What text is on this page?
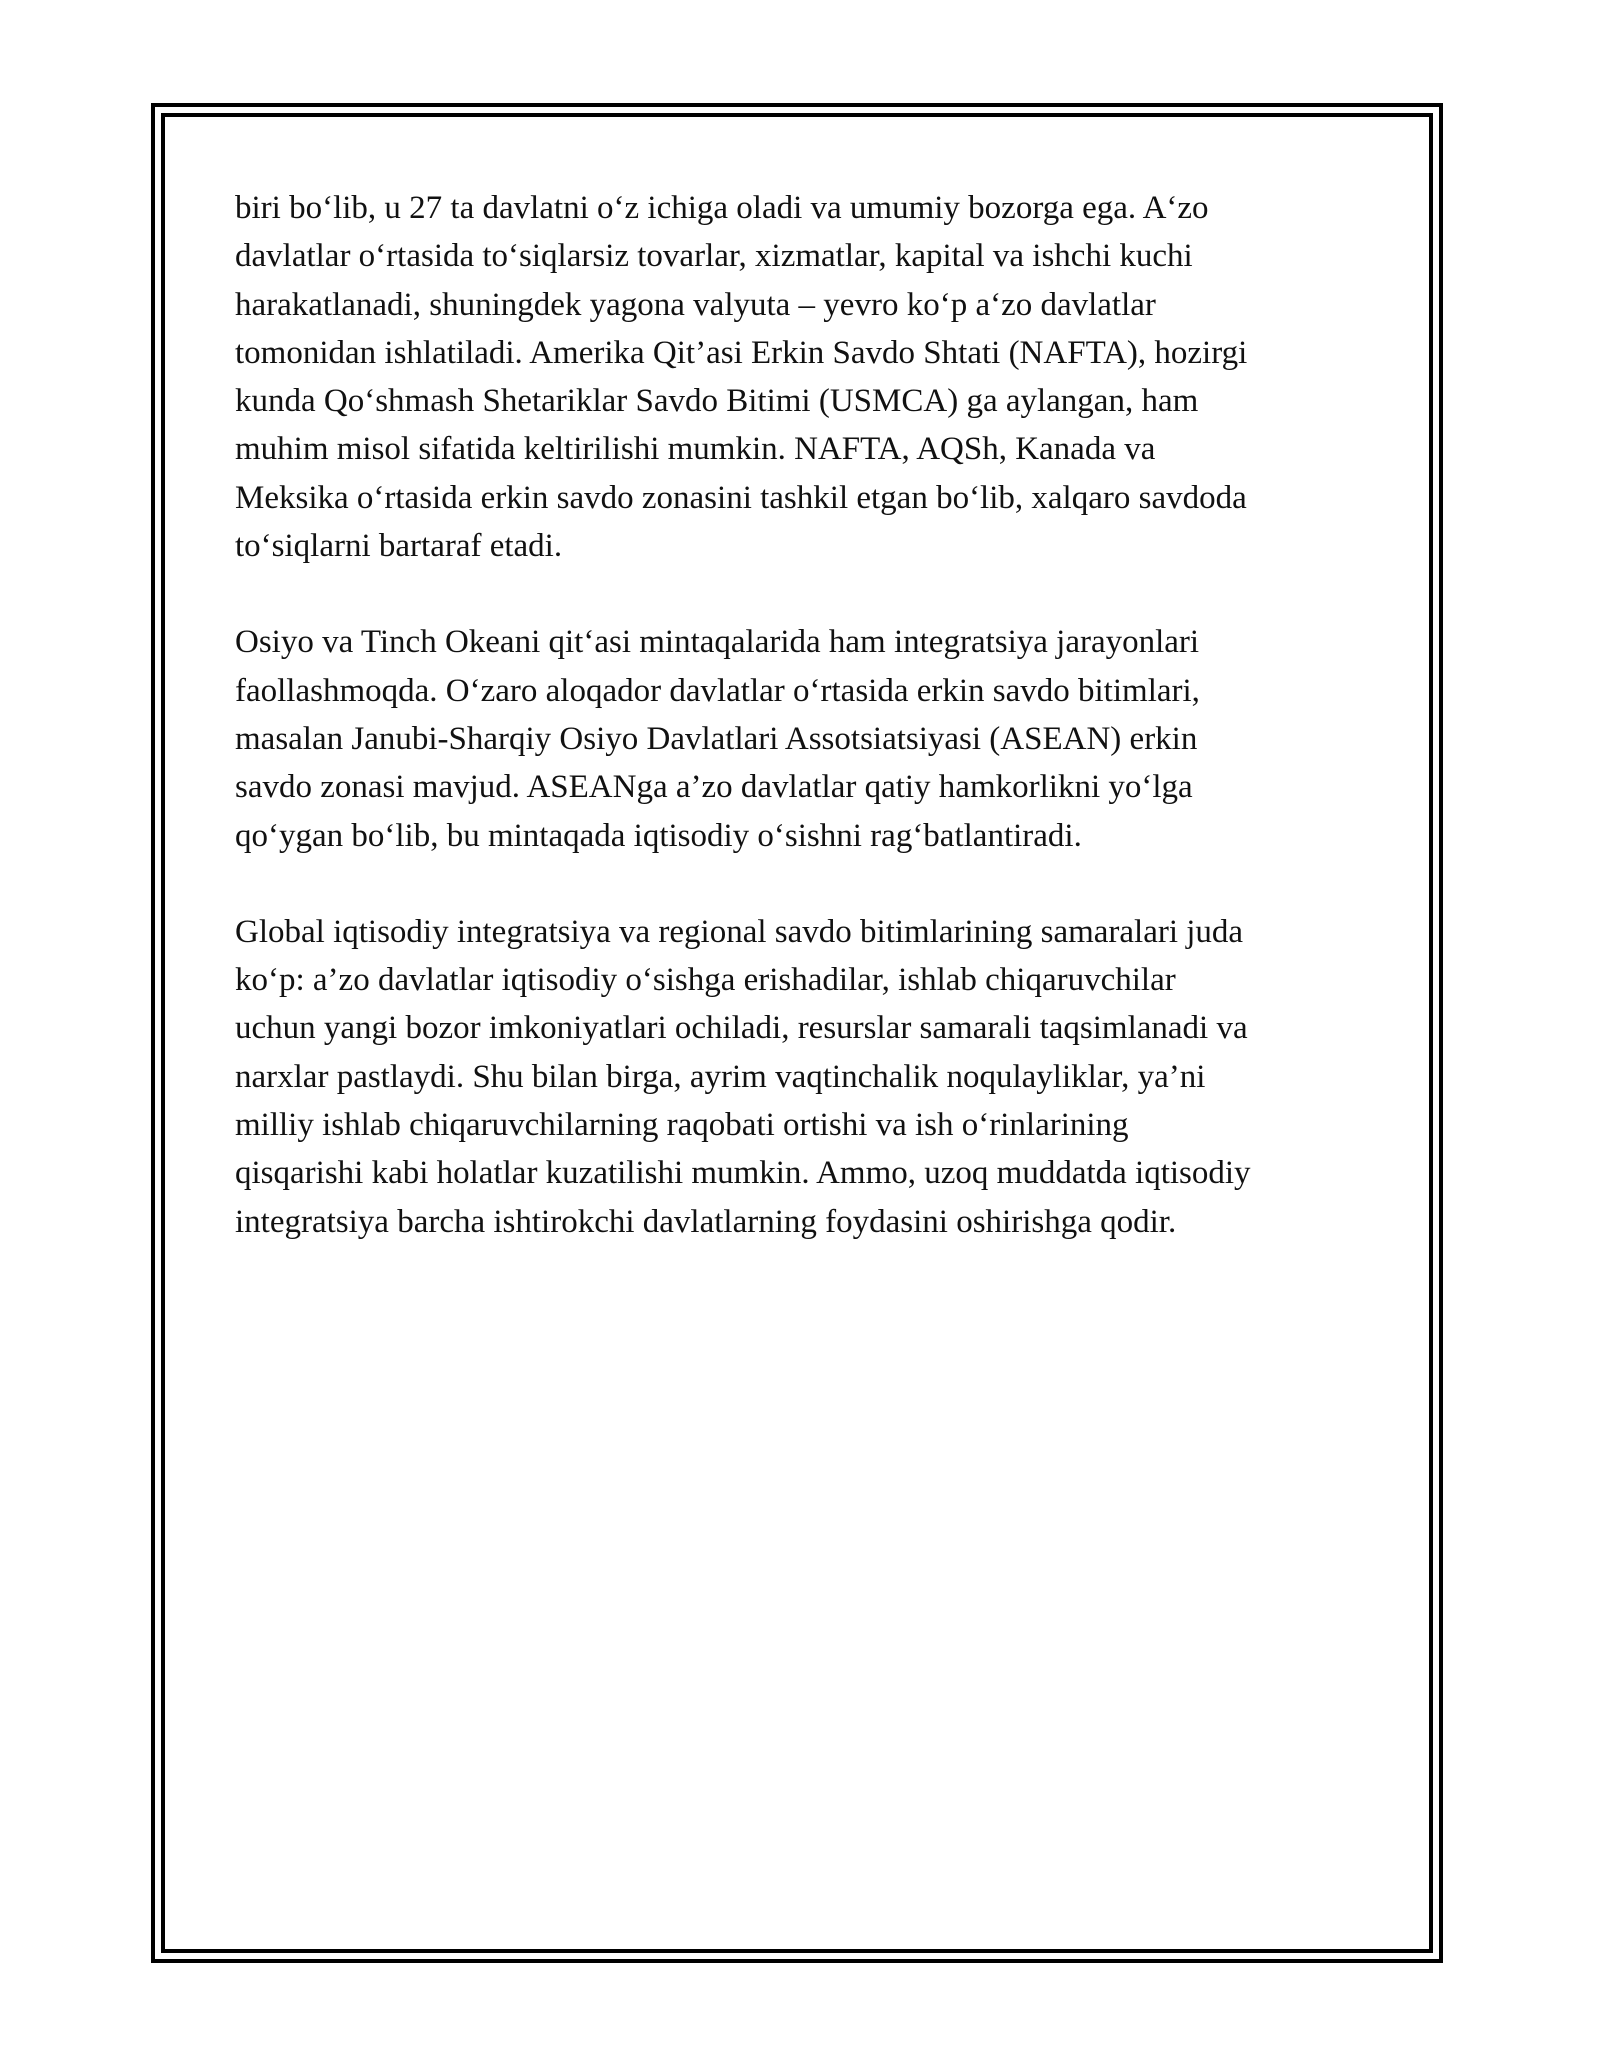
biri bo‘lib, u 27 ta davlatni o‘z ichiga oladi va umumiy bozorga ega. A‘zo
davlatlar o‘rtasida to‘siqlarsiz tovarlar, xizmatlar, kapital va ishchi kuchi
harakatlanadi, shuningdek yagona valyuta – yevro ko‘p a‘zo davlatlar
tomonidan ishlatiladi. Amerika Qit’asi Erkin Savdo Shtati (NAFTA), hozirgi
kunda Qo‘shmash Shetariklar Savdo Bitimi (USMCA) ga aylangan, ham
muhim misol sifatida keltirilishi mumkin. NAFTA, AQSh, Kanada va
Meksika o‘rtasida erkin savdo zonasini tashkil etgan bo‘lib, xalqaro savdoda
to‘siqlarni bartaraf etadi.

Osiyo va Tinch Okeani qit‘asi mintaqalarida ham integratsiya jarayonlari
faollashmoqda. O‘zaro aloqador davlatlar o‘rtasida erkin savdo bitimlari,
masalan Janubi-Sharqiy Osiyo Davlatlari Assotsiatsiyasi (ASEAN) erkin
savdo zonasi mavjud. ASEANga a’zo davlatlar qatiy hamkorlikni yo‘lga
qo‘ygan bo‘lib, bu mintaqada iqtisodiy o‘sishni rag‘batlantiradi.

Global iqtisodiy integratsiya va regional savdo bitimlarining samaralari juda
ko‘p: a’zo davlatlar iqtisodiy o‘sishga erishadilar, ishlab chiqaruvchilar
uchun yangi bozor imkoniyatlari ochiladi, resurslar samarali taqsimlanadi va
narxlar pastlaydi. Shu bilan birga, ayrim vaqtinchalik noqulayliklar, ya’ni
milliy ishlab chiqaruvchilarning raqobati ortishi va ish o‘rinlarining
qisqarishi kabi holatlar kuzatilishi mumkin. Ammo, uzoq muddatda iqtisodiy
integratsiya barcha ishtirokchi davlatlarning foydasini oshirishga qodir.
